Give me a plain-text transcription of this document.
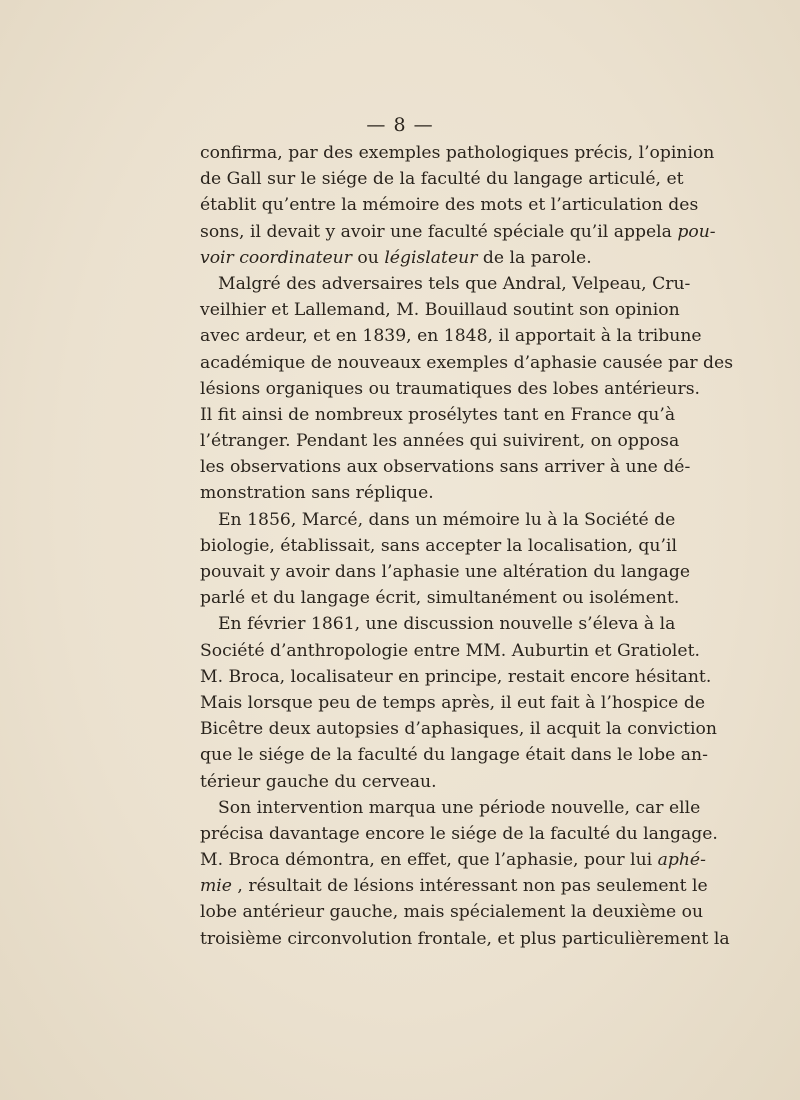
— 8 —
confirma, par des exemples pathologiques précis, l’opinion
de Gall sur le siége de la faculté du langage articulé, et
établit qu’entre la mémoire des mots et l’articulation des
sons, il devait y avoir une faculté spéciale qu’il appela pou-
voir coordinateur ou législateur de la parole.
Malgré des adversaires tels que Andral, Velpeau, Cru-
veilhier et Lallemand, M. Bouillaud soutint son opinion
avec ardeur, et en 1839, en 1848, il apportait à la tribune
académique de nouveaux exemples d’aphasie causée par des
lésions organiques ou traumatiques des lobes antérieurs.
Il fit ainsi de nombreux prosélytes tant en France qu’à
l’étranger. Pendant les années qui suivirent, on opposa
les observations aux observations sans arriver à une dé-
monstration sans réplique.
En 1856, Marcé, dans un mémoire lu à la Société de
biologie, établissait, sans accepter la localisation, qu’il
pouvait y avoir dans l’aphasie une altération du langage
parlé et du langage écrit, simultanément ou isolément.
En février 1861, une discussion nouvelle s’éleva à la
Société d’anthropologie entre MM. Auburtin et Gratiolet.
M. Broca, localisateur en principe, restait encore hésitant.
Mais lorsque peu de temps après, il eut fait à l’hospice de
Bicêtre deux autopsies d’aphasiques, il acquit la conviction
que le siége de la faculté du langage était dans le lobe an-
térieur gauche du cerveau.
Son intervention marqua une période nouvelle, car elle
précisa davantage encore le siége de la faculté du langage.
M. Broca démontra, en effet, que l’aphasie, pour lui aphé-
mie , résultait de lésions intéressant non pas seulement le
lobe antérieur gauche, mais spécialement la deuxième ou
troisième circonvolution frontale, et plus particulièrement la
